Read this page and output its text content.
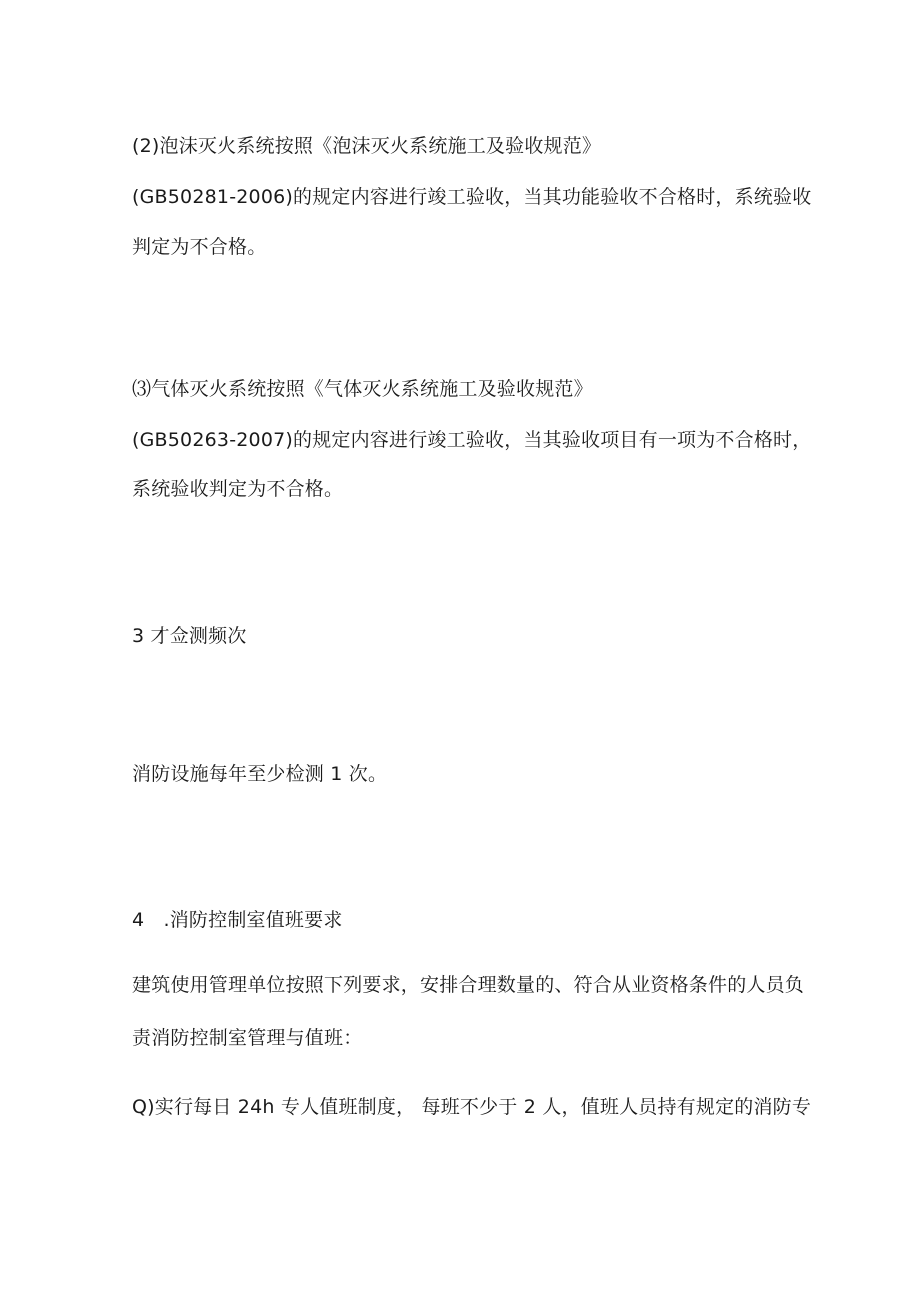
(2)泡沫灭火系统按照《泡沫灭火系统施工及验收规范》
(GB50281-2006)的规定内容进行竣工验收，当其功能验收不合格时，系统验收
判定为不合格。
⑶气体灭火系统按照《气体灭火系统施工及验收规范》
(GB50263-2007)的规定内容进行竣工验收，当其验收项目有一项为不合格时，
系统验收判定为不合格。
3 才佥测频次
消防设施每年至少检测 1 次。
4　.消防控制室值班要求
建筑使用管理单位按照下列要求，安排合理数量的、符合从业资格条件的人员负
责消防控制室管理与值班：
Q)实行每日 24h 专人值班制度， 每班不少于 2 人，值班人员持有规定的消防专
